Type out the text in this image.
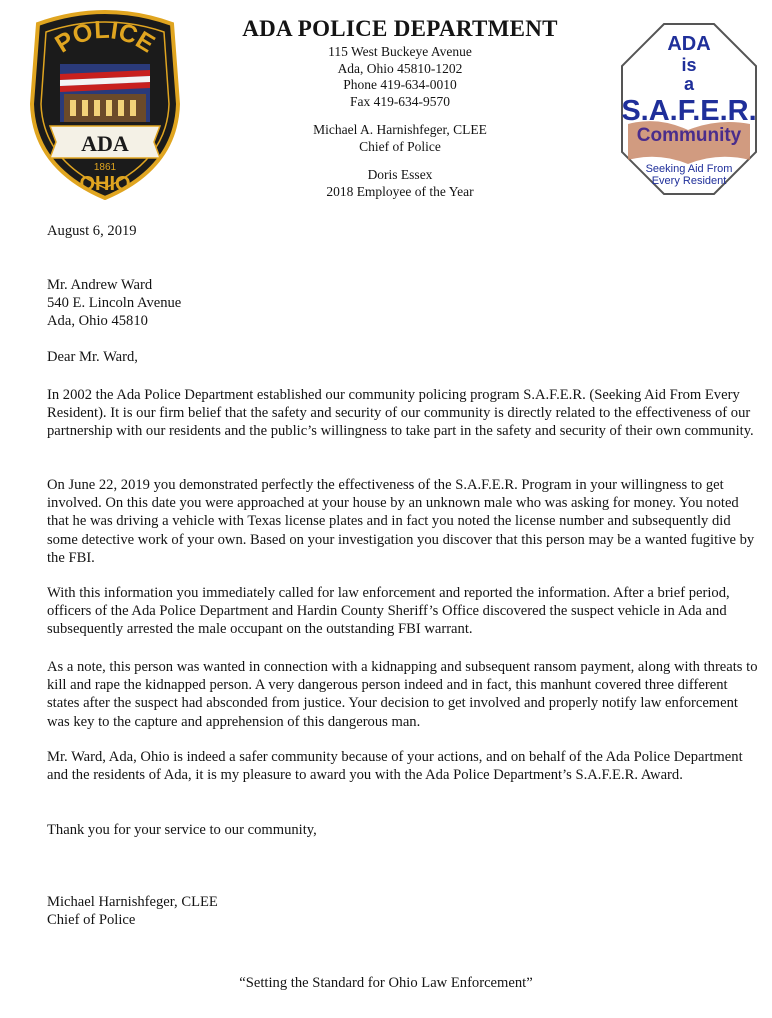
POLICE
ADA
1861
OHIO
ADA POLICE DEPARTMENT
115 West Buckeye Avenue
Ada, Ohio 45810-1202
Phone 419-634-0010
Fax 419-634-9570
Michael A. Harnishfeger, CLEE
Chief of Police
Doris Essex
2018 Employee of the Year
ADA
is
a
S.A.F.E.R.
Community
Seeking Aid From
Every Resident
August 6, 2019
Mr. Andrew Ward
540 E. Lincoln Avenue
Ada, Ohio 45810
Dear Mr. Ward,
In 2002 the Ada Police Department established our community policing program S.A.F.E.R. (Seeking Aid From Every Resident). It is our firm belief that the safety and security of our community is directly related to the effectiveness of our partnership with our residents and the public’s willingness to take part in the safety and security of their own community.
On June 22, 2019 you demonstrated perfectly the effectiveness of the S.A.F.E.R. Program in your willingness to get involved. On this date you were approached at your house by an unknown male who was asking for money. You noted that he was driving a vehicle with Texas license plates and in fact you noted the license number and subsequently did some detective work of your own. Based on your investigation you discover that this person may be a wanted fugitive by the FBI.
With this information you immediately called for law enforcement and reported the information. After a brief period, officers of the Ada Police Department and Hardin County Sheriff’s Office discovered the suspect vehicle in Ada and subsequently arrested the male occupant on the outstanding FBI warrant.
As a note, this person was wanted in connection with a kidnapping and subsequent ransom payment, along with threats to kill and rape the kidnapped person. A very dangerous person indeed and in fact, this manhunt covered three different states after the suspect had absconded from justice. Your decision to get involved and properly notify law enforcement was key to the capture and apprehension of this dangerous man.
Mr. Ward, Ada, Ohio is indeed a safer community because of your actions, and on behalf of the Ada Police Department and the residents of Ada, it is my pleasure to award you with the Ada Police Department’s S.A.F.E.R. Award.
Thank you for your service to our community,
Michael Harnishfeger, CLEE
Chief of Police
“Setting the Standard for Ohio Law Enforcement”
